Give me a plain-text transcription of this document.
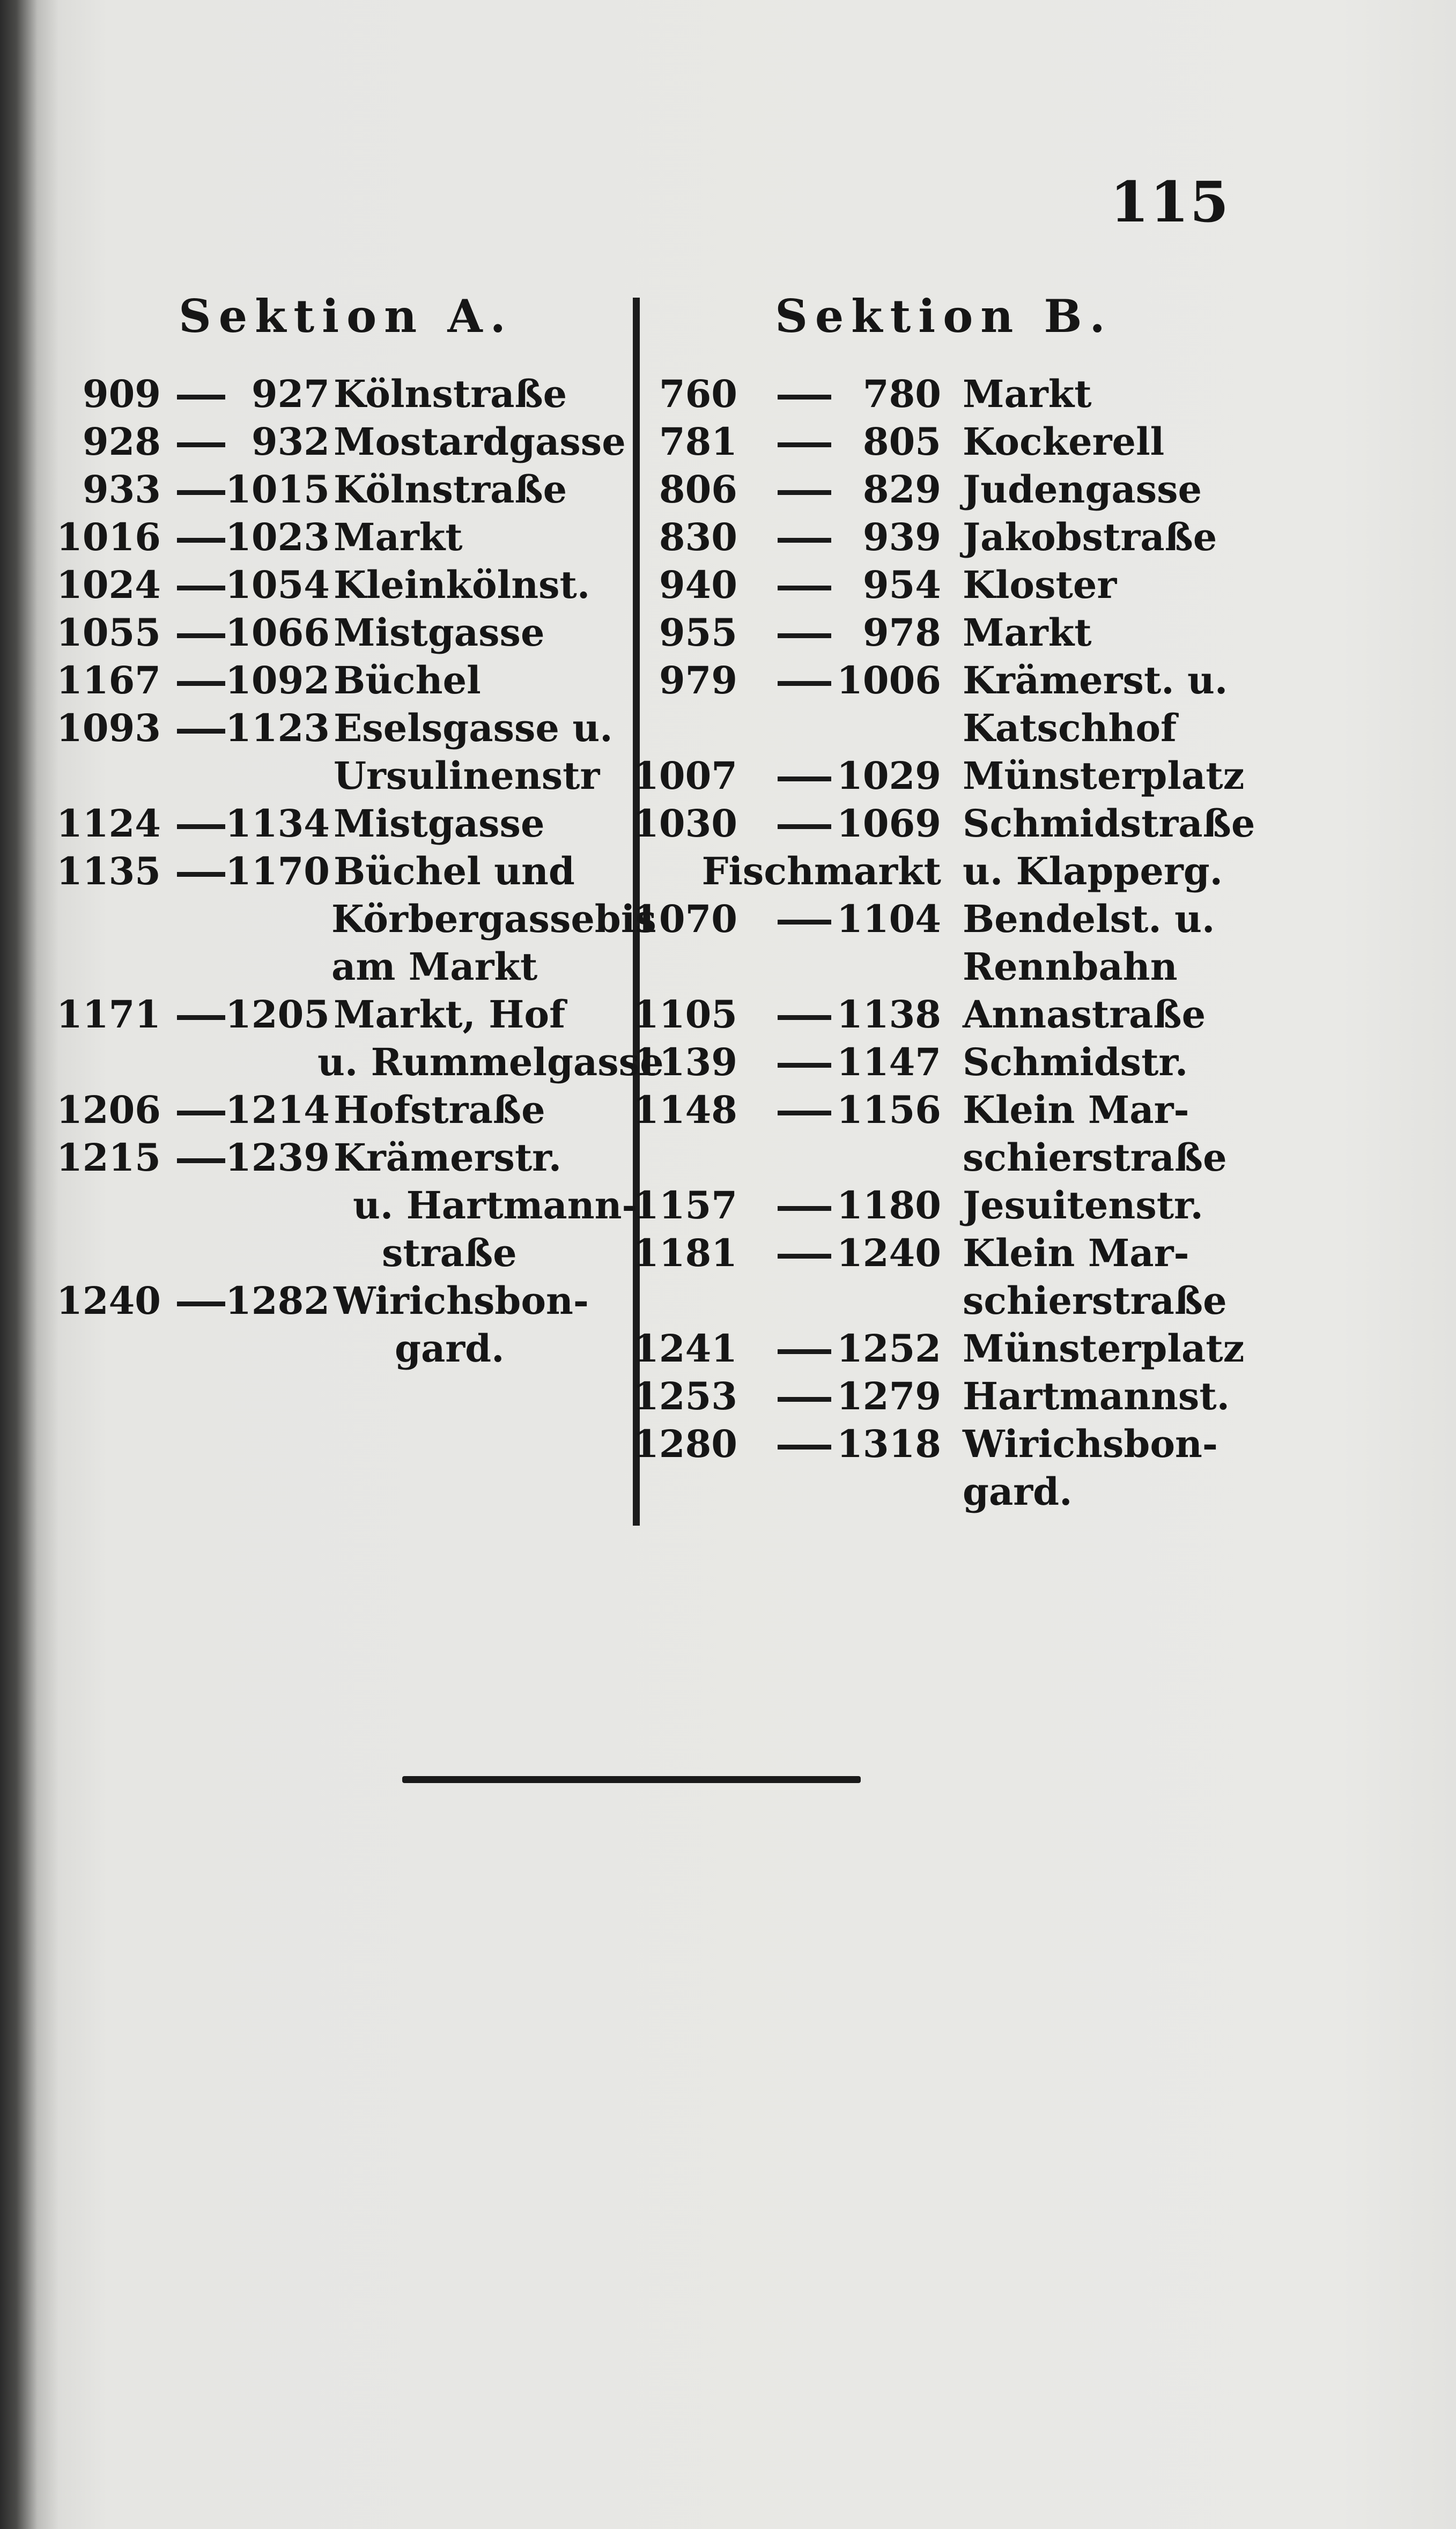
115
Sektion A.	Sektion B.
909 927 Kölnstraße
928 932 Mostardgasse
933 1015 Kölnstraße
1016 1023 Markt
1024 1054 Kleinkölnst.
1055 1066 Mistgasse
1167 1092 Büchel
1093 1123 Eselsgasse u.
Ursulinenstr
1124 1134 Mistgasse
1135 1170 Büchel und
Körbergassebis
am Markt
1171 1205 Markt, Hof
u. Rummelgasse
1206 1214 Hofstraße
1215 1239 Krämerstr.
u. Hartmann-
straße
1240 1282 Wirichsbon-
gard.
760	780 Markt
781	805 Kockerell
806	829 Judengasse
830	939 Jakobstraße
940	954 Kloster
955	978 Markt
979	1006 Krämerst. u.
Katschhof
1007	1029 Münsterplatz
1030	1069 Schmidstraße
Fischmarkt u. Klapperg.
1070	1104 Bendelst. u.
Rennbahn
1105	1138 Annastraße
1139	1147 Schmidstr.
1148	1156 Klein Mar-
schierstraße
1157	1180 Jesuitenstr.
1181	1240 Klein Mar-
schierstraße
1241	1252 Münsterplatz
1253	1279 Hartmannst.
1280	1318 Wirichsbon-
gard.
